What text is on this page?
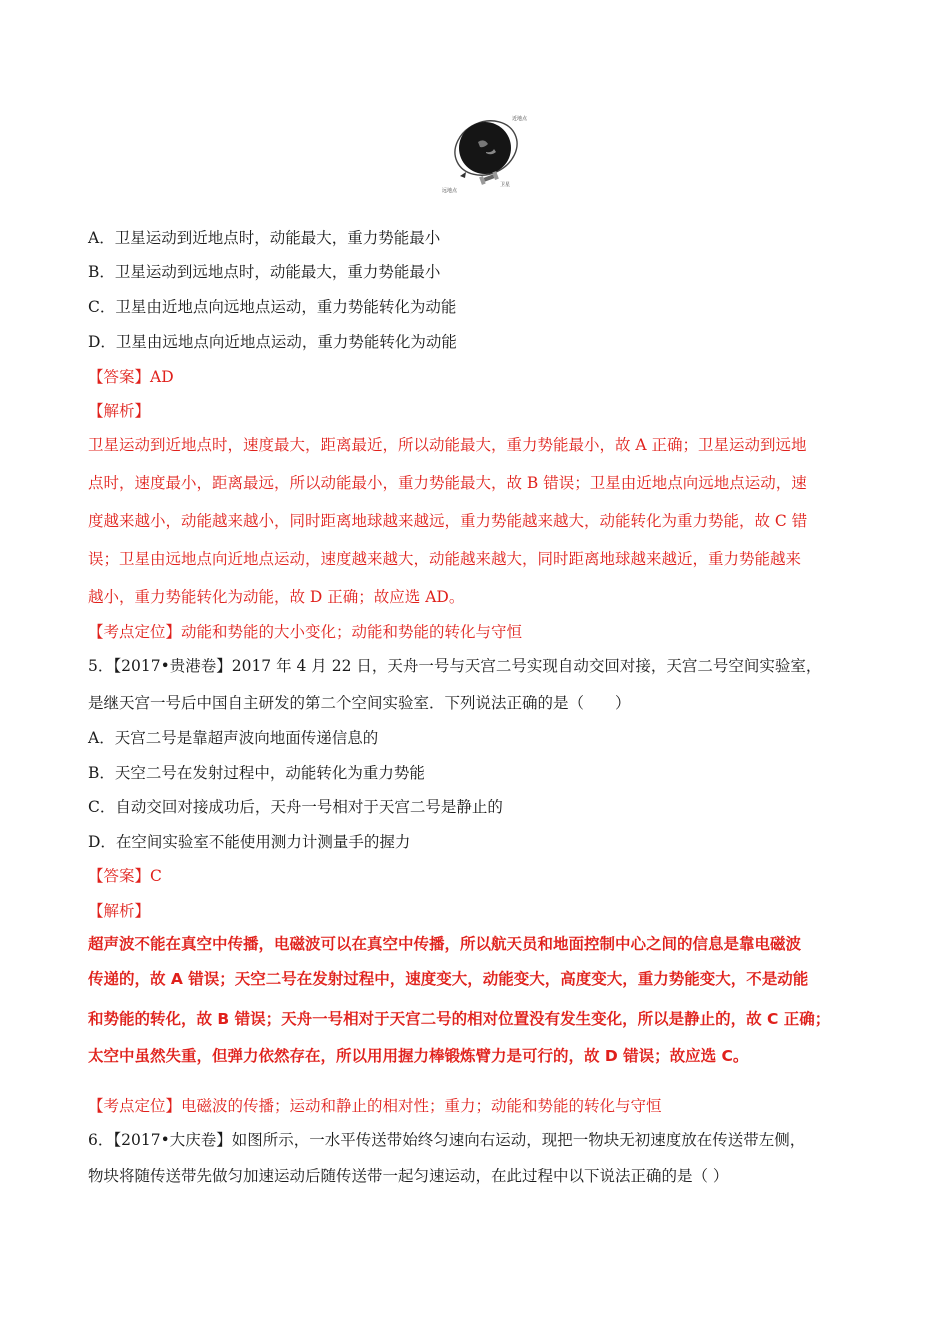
近地点
远地点
卫星
A．卫星运动到近地点时，动能最大，重力势能最小
B．卫星运动到远地点时，动能最大，重力势能最小
C．卫星由近地点向远地点运动，重力势能转化为动能
D．卫星由远地点向近地点运动，重力势能转化为动能
【答案】AD
【解析】
卫星运动到近地点时，速度最大，距离最近，所以动能最大，重力势能最小，故 A 正确；卫星运动到远地
点时，速度最小，距离最远，所以动能最小，重力势能最大，故 B 错误；卫星由近地点向远地点运动，速
度越来越小，动能越来越小，同时距离地球越来越远，重力势能越来越大，动能转化为重力势能，故 C 错
误；卫星由远地点向近地点运动，速度越来越大，动能越来越大，同时距离地球越来越近，重力势能越来
越小，重力势能转化为动能，故 D 正确；故应选 AD。
【考点定位】动能和势能的大小变化；动能和势能的转化与守恒
5．【2017•贵港卷】2017 年 4 月 22 日，天舟一号与天宫二号实现自动交回对接，天宫二号空间实验室，
是继天宫一号后中国自主研发的第二个空间实验室．下列说法正确的是（　　）
A．天宫二号是靠超声波向地面传递信息的
B．天空二号在发射过程中，动能转化为重力势能
C．自动交回对接成功后，天舟一号相对于天宫二号是静止的
D．在空间实验室不能使用测力计测量手的握力
【答案】C
【解析】
超声波不能在真空中传播，电磁波可以在真空中传播，所以航天员和地面控制中心之间的信息是靠电磁波
传递的，故 A 错误；天空二号在发射过程中，速度变大，动能变大，高度变大，重力势能变大，不是动能
和势能的转化，故 B 错误；天舟一号相对于天宫二号的相对位置没有发生变化，所以是静止的，故 C 正确；
太空中虽然失重，但弹力依然存在，所以用用握力棒锻炼臂力是可行的，故 D 错误；故应选 C。
【考点定位】电磁波的传播；运动和静止的相对性；重力；动能和势能的转化与守恒
6．【2017•大庆卷】如图所示，一水平传送带始终匀速向右运动，现把一物块无初速度放在传送带左侧，
物块将随传送带先做匀加速运动后随传送带一起匀速运动，在此过程中以下说法正确的是（ ）
